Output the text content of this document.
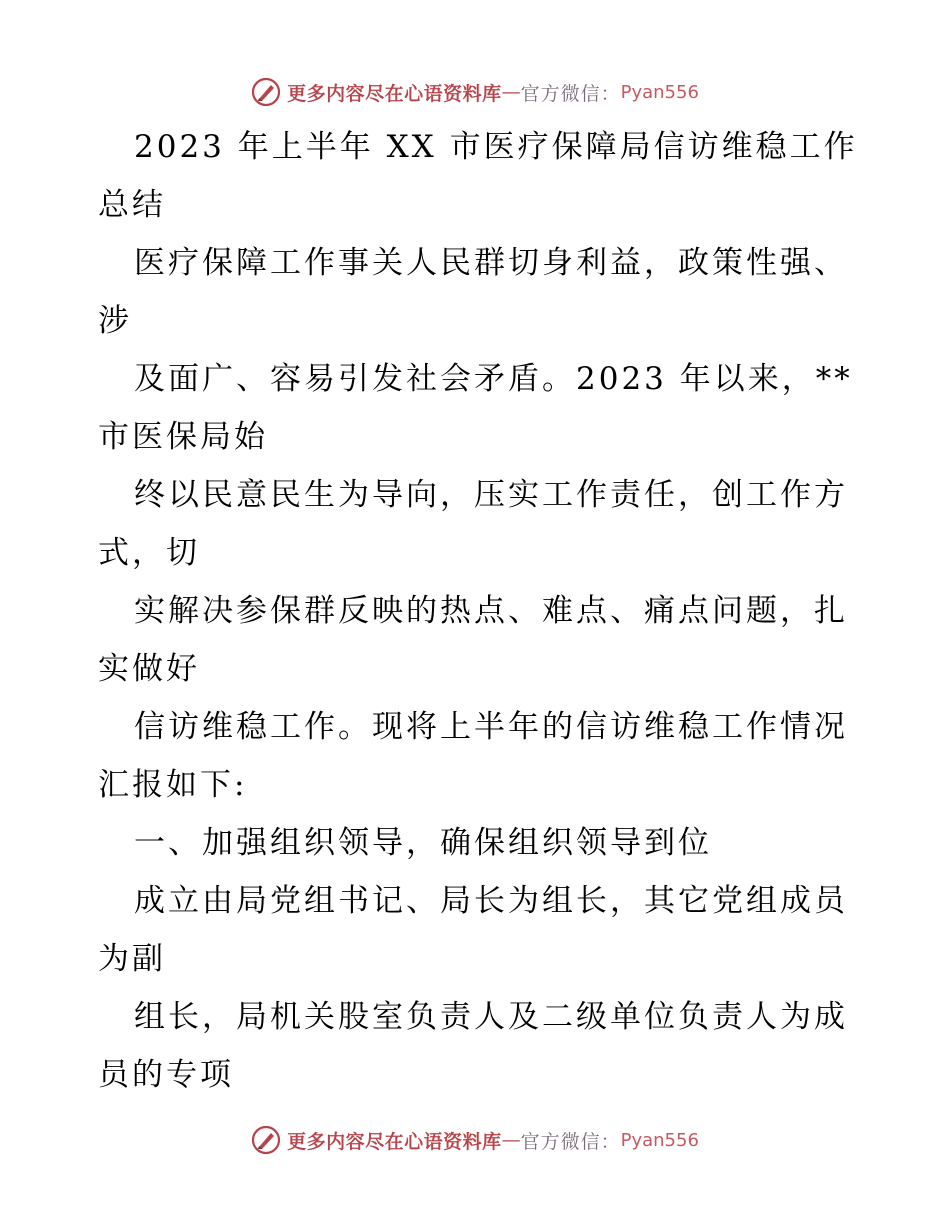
更多内容尽在心语资料库 — 官方微信： Pyan556

2023 年上半年 XX 市医疗保障局信访维稳工作

总结

医疗保障工作事关人民群切身利益，政策性强、

涉

及面广、容易引发社会矛盾。2023 年以来，**

市医保局始

终以民意民生为导向，压实工作责任，创工作方

式，切

实解决参保群反映的热点、难点、痛点问题，扎

实做好

信访维稳工作。现将上半年的信访维稳工作情况

汇报如下:

一、加强组织领导，确保组织领导到位

成立由局党组书记、局长为组长，其它党组成员

为副

组长，局机关股室负责人及二级单位负责人为成

员的专项

更多内容尽在心语资料库 — 官方微信： Pyan556
